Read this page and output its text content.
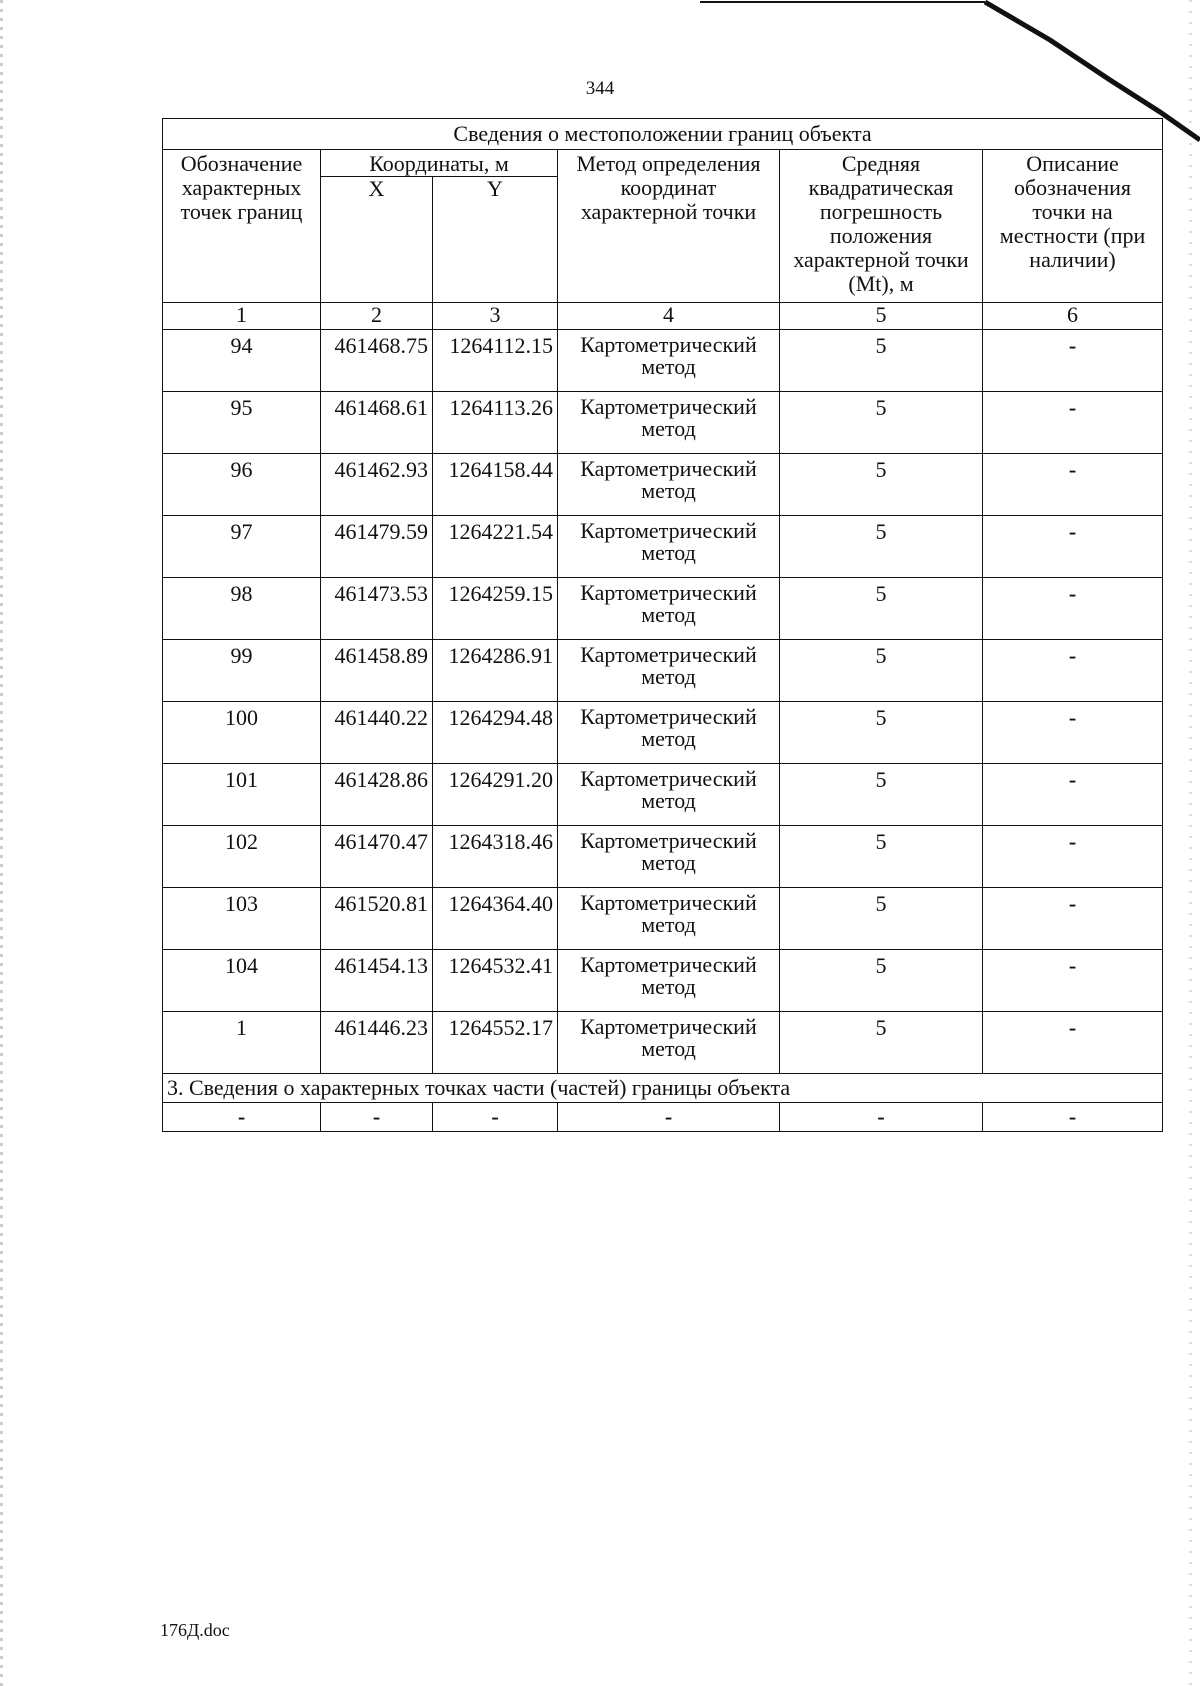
344
Сведения о местоположении границ объекта					
Обозначение характерных точек границ	Координаты, м		Метод определения координат характерной точки	Средняя квадратическая погрешность положения характерной точки (Mt), м	Описание обозначения точки на местности (при наличии)
	X	Y			
1	2	3	4	5	6
94	461468.75	1264112.15	Картометрический метод	5	-
95	461468.61	1264113.26	Картометрический метод	5	-
96	461462.93	1264158.44	Картометрический метод	5	-
97	461479.59	1264221.54	Картометрический метод	5	-
98	461473.53	1264259.15	Картометрический метод	5	-
99	461458.89	1264286.91	Картометрический метод	5	-
100	461440.22	1264294.48	Картометрический метод	5	-
101	461428.86	1264291.20	Картометрический метод	5	-
102	461470.47	1264318.46	Картометрический метод	5	-
103	461520.81	1264364.40	Картометрический метод	5	-
104	461454.13	1264532.41	Картометрический метод	5	-
1	461446.23	1264552.17	Картометрический метод	5	-
3. Сведения о характерных точках части (частей) границы объекта					
-	-	-	-	-	-
176Д.doc
